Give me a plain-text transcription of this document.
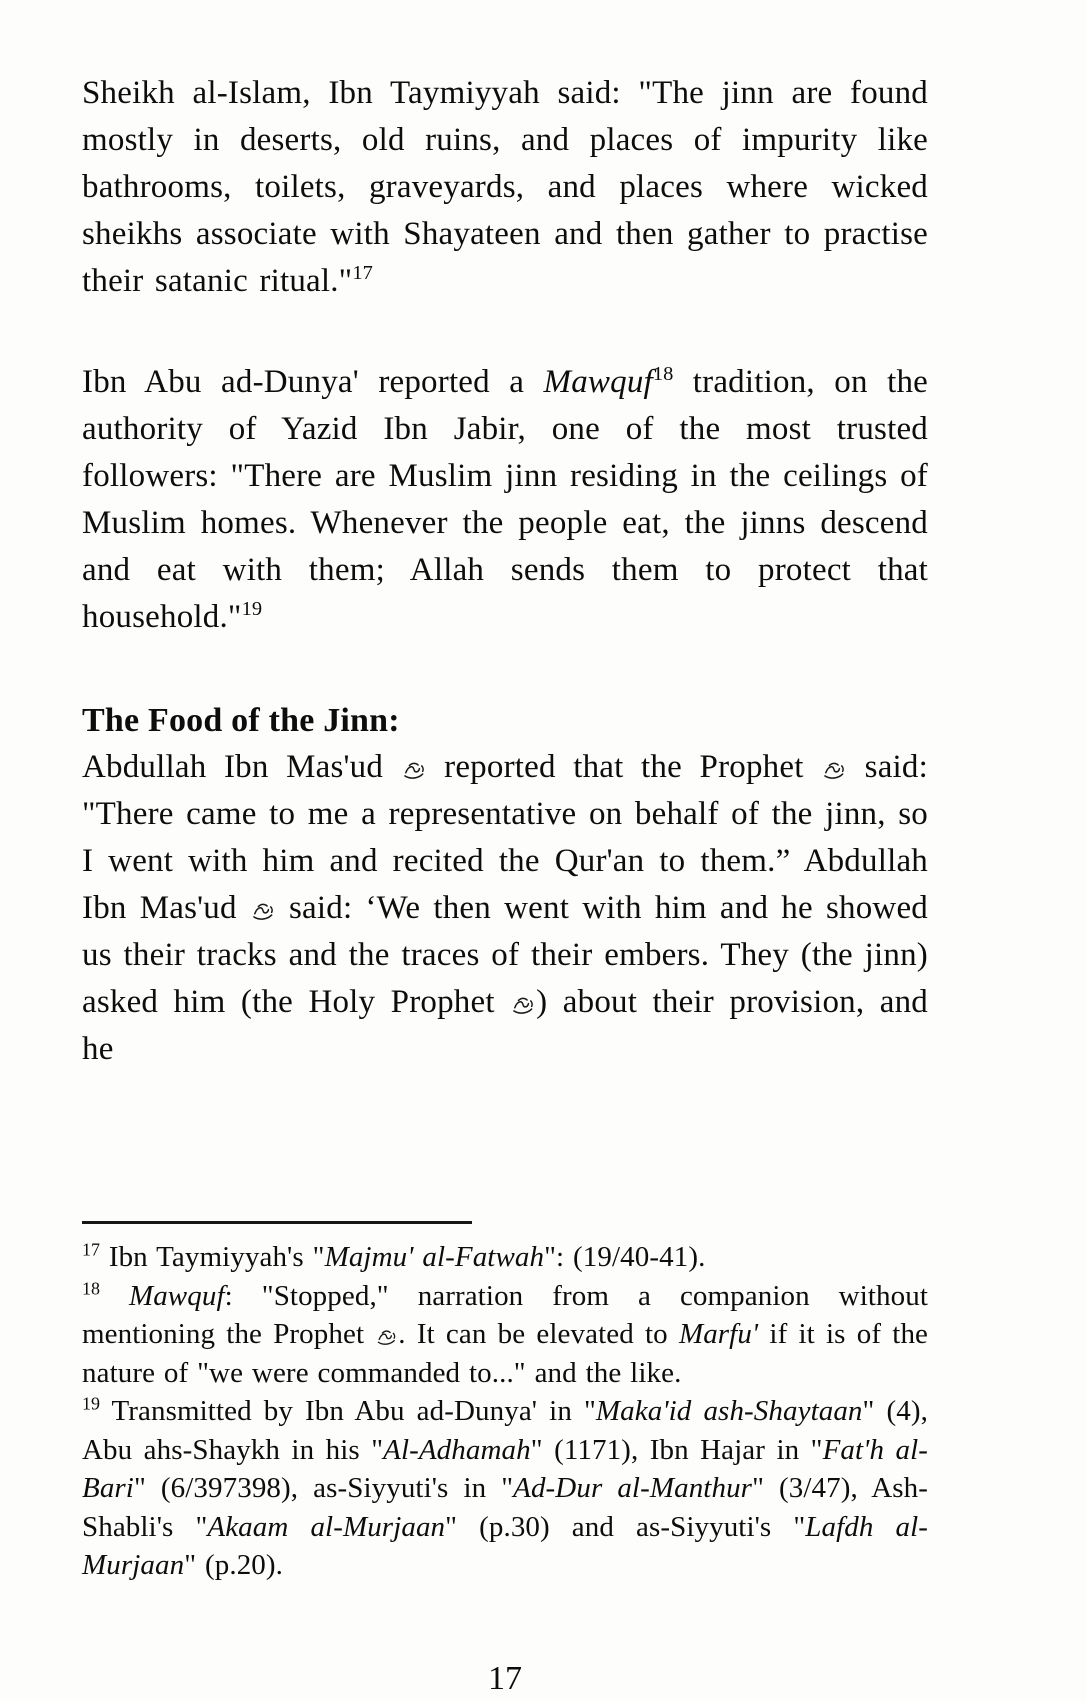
Sheikh al-Islam, Ibn Taymiyyah said: "The jinn are found mostly in deserts, old ruins, and places of impurity like bathrooms, toilets, graveyards, and places where wicked sheikhs associate with Shayateen and then gather to practise their satanic ritual."$^{17}$

Ibn Abu ad-Dunya' reported a Mawquf$^{18}$ tradition, on the authority of Yazid Ibn Jabir, one of the most trusted followers: "There are Muslim jinn residing in the ceilings of Muslim homes. Whenever the people eat, the jinns descend and eat with them; Allah sends them to protect that household."$^{19}$

The Food of the Jinn:

Abdullah Ibn Mas'ud  reported that the Prophet  said: "There came to me a representative on behalf of the jinn, so I went with him and recited the Qur'an to them.” Abdullah Ibn Mas'ud  said: ‘We then went with him and he showed us their tracks and the traces of their embers. They (the jinn) asked him (the Holy Prophet ) about their provision, and he

$^{17}$ Ibn Taymiyyah's "Majmu' al-Fatwah": (19/40-41).

$^{18}$ Mawquf: "Stopped," narration from a companion without mentioning the Prophet . It can be elevated to Marfu' if it is of the nature of "we were commanded to..." and the like.

$^{19}$ Transmitted by Ibn Abu ad-Dunya' in "Maka'id ash-Shaytaan" (4), Abu ahs-Shaykh in his "Al-Adhamah" (1171), Ibn Hajar in "Fat'h al-Bari" (6/397398), as-Siyyuti's in "Ad-Dur al-Manthur" (3/47), Ash-Shabli's "Akaam al-Murjaan" (p.30) and as-Siyyuti's "Lafdh al-Murjaan" (p.20).

17
